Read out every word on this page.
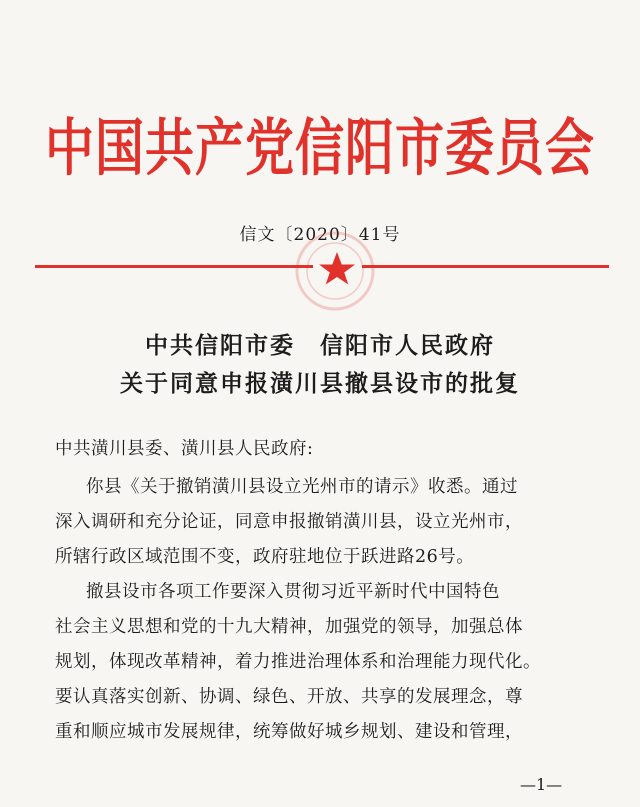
中国共产党信阳市委员会
信文〔2020〕41号
中共信阳市委　信阳市人民政府
关于同意申报潢川县撤县设市的批复
中共潢川县委、潢川县人民政府:
你县《关于撤销潢川县设立光州市的请示》收悉。通过
深入调研和充分论证，同意申报撤销潢川县，设立光州市，
所辖行政区域范围不变，政府驻地位于跃进路26号。
撤县设市各项工作要深入贯彻习近平新时代中国特色
社会主义思想和党的十九大精神，加强党的领导，加强总体
规划，体现改革精神，着力推进治理体系和治理能力现代化。
要认真落实创新、协调、绿色、开放、共享的发展理念，尊
重和顺应城市发展规律，统筹做好城乡规划、建设和管理，
—1—
